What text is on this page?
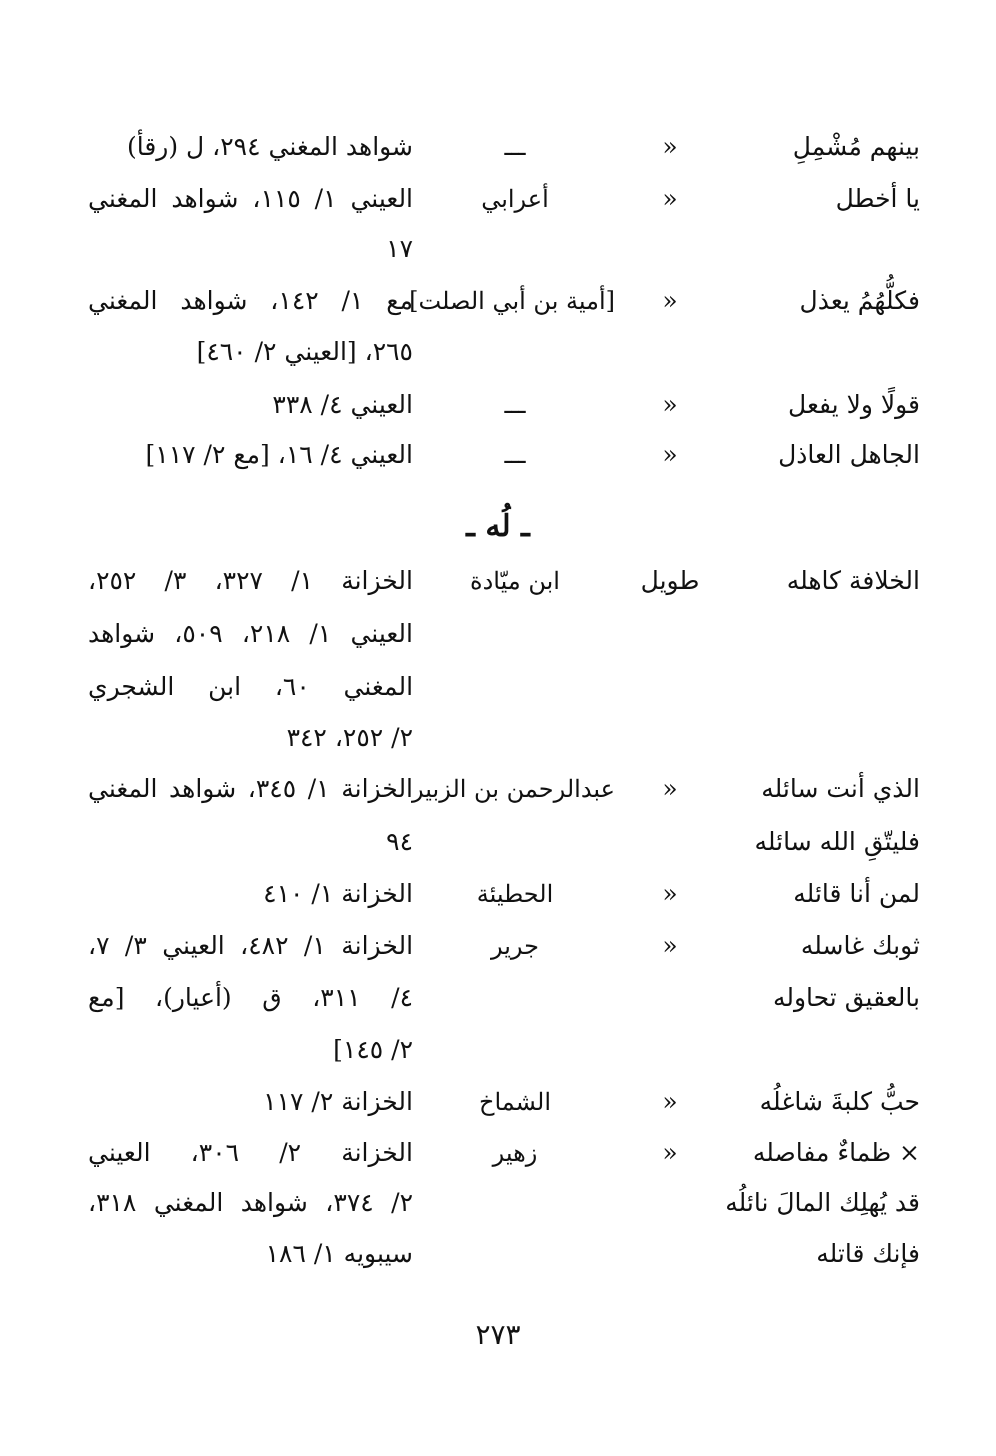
بينهم مُشْمِلِ
«
ـــ
شواهد المغني ٢٩٤، ل (رقأ)
يا أخطل
«
أعرابي
العيني ١/ ١١٥، شواهد المغني
١٧
فكلُّهُمُ يعذل
«
[أمية بن أبي الصلت]
مع ١/ ١٤٢، شواهد المغني
٢٦٥، [العيني ٢/ ٤٦٠]
قولًا ولا يفعل
«
ـــ
العيني ٤/ ٣٣٨
الجاهل العاذل
«
ـــ
العيني ٤/ ١٦، [مع ٢/ ١١٧]
ـ لُه ـ
الخلافة كاهله
طويل
ابن ميّادة
الخزانة ١/ ٣٢٧، ٣/ ٢٥٢،
العيني ١/ ٢١٨، ٥٠٩، شواهد
المغني ٦٠، ابن الشجري
٢/ ٢٥٢، ٣٤٢
الذي أنت سائله
«
عبدالرحمن بن الزبير
الخزانة ١/ ٣٤٥، شواهد المغني
فليتّقِ الله سائله
٩٤
لمن أنا قائله
«
الحطيئة
الخزانة ١/ ٤١٠
ثوبك غاسله
«
جرير
الخزانة ١/ ٤٨٢، العيني ٣/ ٧،
بالعقيق تحاوله
٤/ ٣١١، ق (أعيار)، [مع
٢/ ١٤٥]
حبُّ كلبةَ شاغلُه
«
الشماخ
الخزانة ٢/ ١١٧
× ظماءٌ مفاصله
«
زهير
الخزانة ٢/ ٣٠٦، العيني
قد يُهلِك المالَ نائلُه
٢/ ٣٧٤، شواهد المغني ٣١٨،
فإنك قاتله
سيبويه ١/ ١٨٦
٢٧٣
